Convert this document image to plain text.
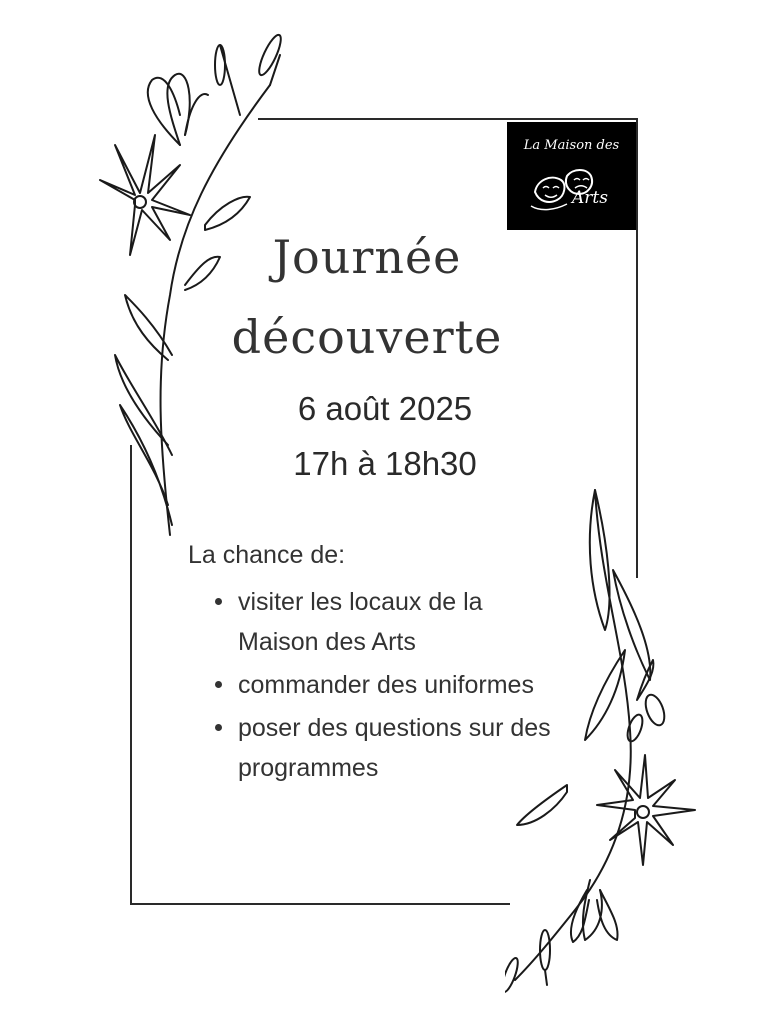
La Maison des
Arts
Journée
découverte
6 août 2025
17h à 18h30
La chance de:
visiter les locaux de la Maison des Arts
commander des uniformes
poser des questions sur des programmes
